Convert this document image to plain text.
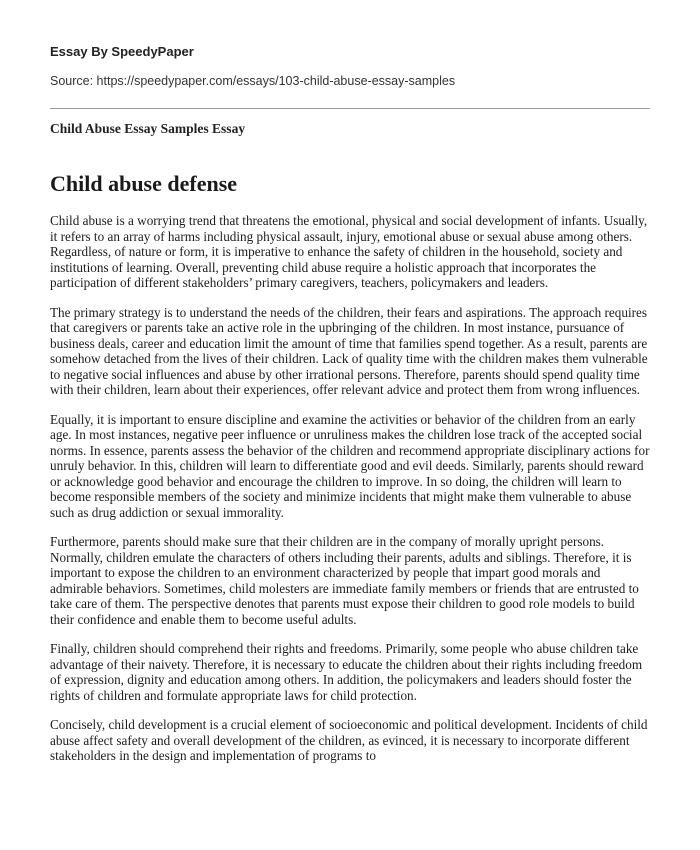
Essay By SpeedyPaper

Source: https://speedypaper.com/essays/103-child-abuse-essay-samples

Child Abuse Essay Samples Essay

Child abuse defense

Child abuse is a worrying trend that threatens the emotional, physical and social development of infants. Usually, it refers to an array of harms including physical assault, injury, emotional abuse or sexual abuse among others. Regardless, of nature or form, it is imperative to enhance the safety of children in the household, society and institutions of learning. Overall, preventing child abuse require a holistic approach that incorporates the participation of different stakeholders’ primary caregivers, teachers, policymakers and leaders.

The primary strategy is to understand the needs of the children, their fears and aspirations. The approach requires that caregivers or parents take an active role in the upbringing of the children. In most instance, pursuance of business deals, career and education limit the amount of time that families spend together. As a result, parents are somehow detached from the lives of their children. Lack of quality time with the children makes them vulnerable to negative social influences and abuse by other irrational persons. Therefore, parents should spend quality time with their children, learn about their experiences, offer relevant advice and protect them from wrong influences.

Equally, it is important to ensure discipline and examine the activities or behavior of the children from an early age. In most instances, negative peer influence or unruliness makes the children lose track of the accepted social norms. In essence, parents assess the behavior of the children and recommend appropriate disciplinary actions for unruly behavior. In this, children will learn to differentiate good and evil deeds. Similarly, parents should reward or acknowledge good behavior and encourage the children to improve. In so doing, the children will learn to become responsible members of the society and minimize incidents that might make them vulnerable to abuse such as drug addiction or sexual immorality.

Furthermore, parents should make sure that their children are in the company of morally upright persons. Normally, children emulate the characters of others including their parents, adults and siblings. Therefore, it is important to expose the children to an environment characterized by people that impart good morals and admirable behaviors. Sometimes, child molesters are immediate family members or friends that are entrusted to take care of them. The perspective denotes that parents must expose their children to good role models to build their confidence and enable them to become useful adults.

Finally, children should comprehend their rights and freedoms. Primarily, some people who abuse children take advantage of their naivety. Therefore, it is necessary to educate the children about their rights including freedom of expression, dignity and education among others. In addition, the policymakers and leaders should foster the rights of children and formulate appropriate laws for child protection.

Concisely, child development is a crucial element of socioeconomic and political development. Incidents of child abuse affect safety and overall development of the children, as evinced, it is necessary to incorporate different stakeholders in the design and implementation of programs to
